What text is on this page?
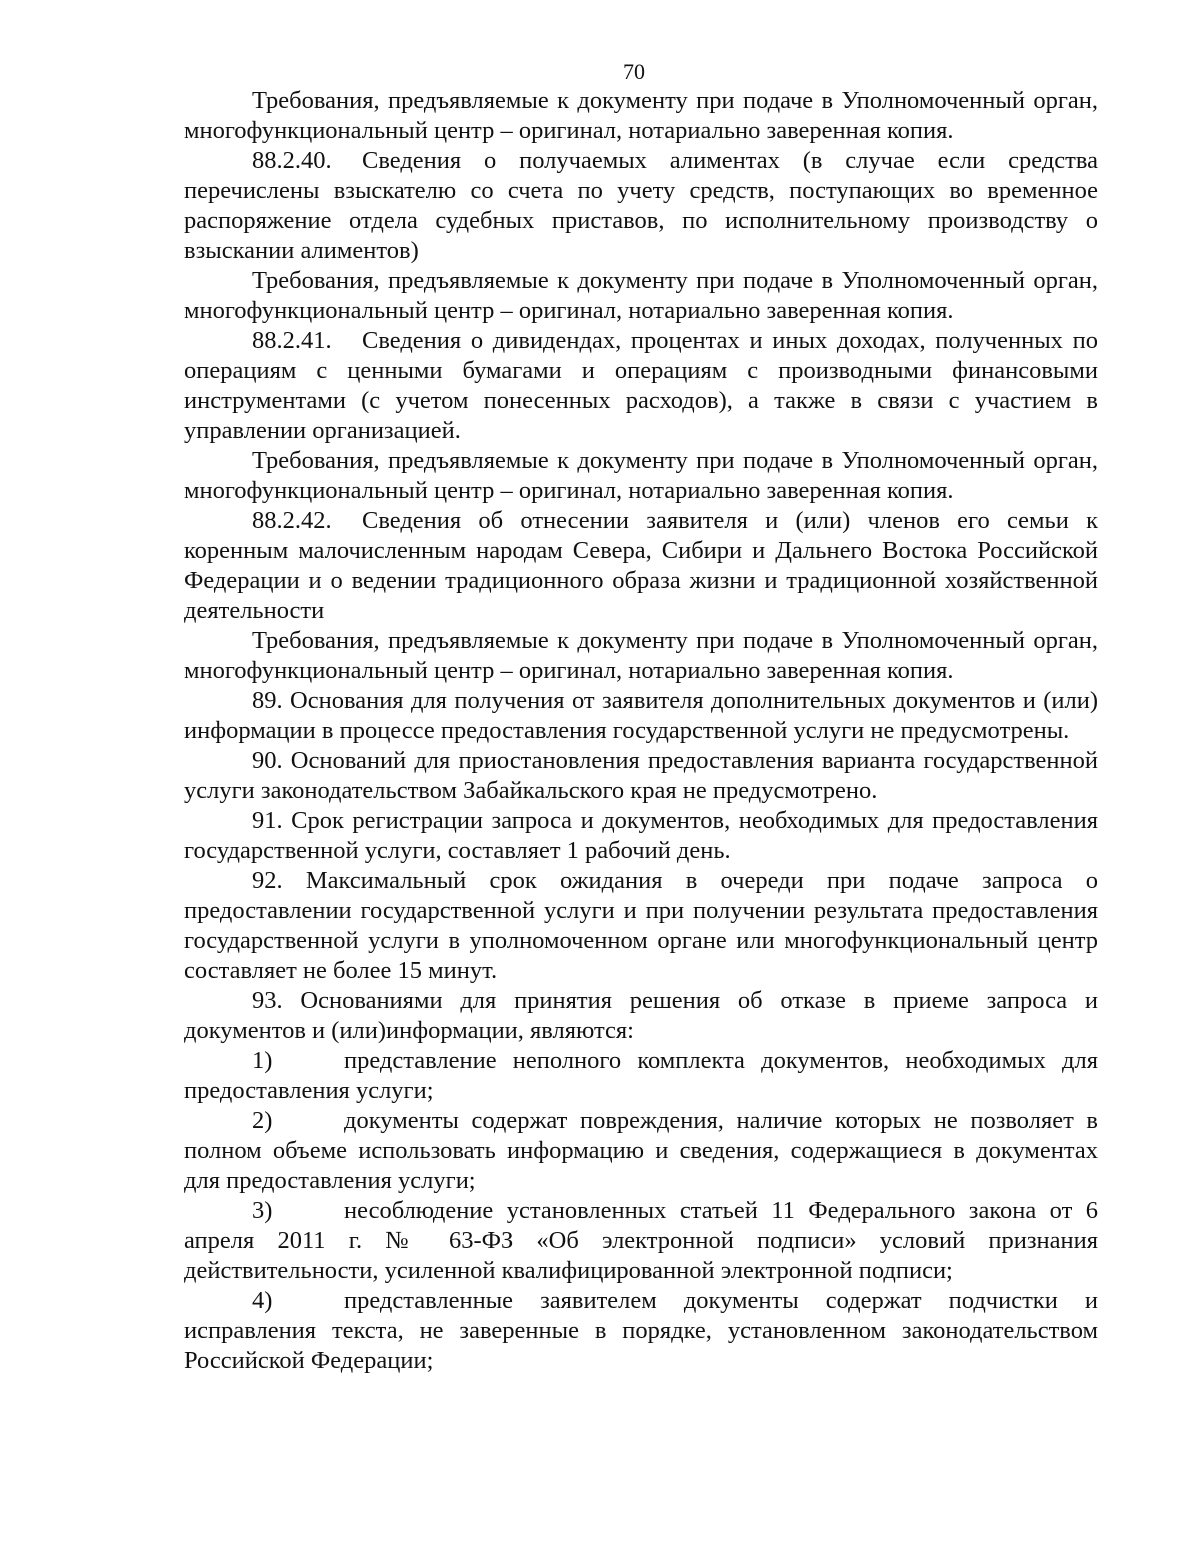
70

Требования, предъявляемые к документу при подаче в Уполномоченный орган, многофункциональный центр – оригинал, нотариально заверенная копия.

88.2.40. Сведения о получаемых алиментах (в случае если средства перечислены взыскателю со счета по учету средств, поступающих во временное распоряжение отдела судебных приставов, по исполнительному производству о взыскании алиментов)

Требования, предъявляемые к документу при подаче в Уполномоченный орган, многофункциональный центр – оригинал, нотариально заверенная копия.

88.2.41. Сведения о дивидендах, процентах и иных доходах, полученных по операциям с ценными бумагами и операциям с производными финансовыми инструментами (с учетом понесенных расходов), а также в связи с участием в управлении организацией.

Требования, предъявляемые к документу при подаче в Уполномоченный орган, многофункциональный центр – оригинал, нотариально заверенная копия.

88.2.42. Сведения об отнесении заявителя и (или) членов его семьи к коренным малочисленным народам Севера, Сибири и Дальнего Востока Российской Федерации и о ведении традиционного образа жизни и традиционной хозяйственной деятельности

Требования, предъявляемые к документу при подаче в Уполномоченный орган, многофункциональный центр – оригинал, нотариально заверенная копия.

89. Основания для получения от заявителя дополнительных документов и (или) информации в процессе предоставления государственной услуги не предусмотрены.

90. Оснований для приостановления предоставления варианта государственной услуги законодательством Забайкальского края не предусмотрено.

91. Срок регистрации запроса и документов, необходимых для предоставления государственной услуги, составляет 1 рабочий день.

92. Максимальный срок ожидания в очереди при подаче запроса о предоставлении государственной услуги и при получении результата предоставления государственной услуги в уполномоченном органе или многофункциональный центр составляет не более 15 минут.

93. Основаниями для принятия решения об отказе в приеме запроса и документов и (или)информации, являются:

1)	представление неполного комплекта документов, необходимых для предоставления услуги;

2)	документы содержат повреждения, наличие которых не позволяет в полном объеме использовать информацию и сведения, содержащиеся в документах для предоставления услуги;

3)	несоблюдение установленных статьей 11 Федерального закона от 6 апреля 2011 г. № 63-ФЗ «Об электронной подписи» условий признания действительности, усиленной квалифицированной электронной подписи;

4)	представленные заявителем документы содержат подчистки и исправления текста, не заверенные в порядке, установленном законодательством Российской Федерации;
